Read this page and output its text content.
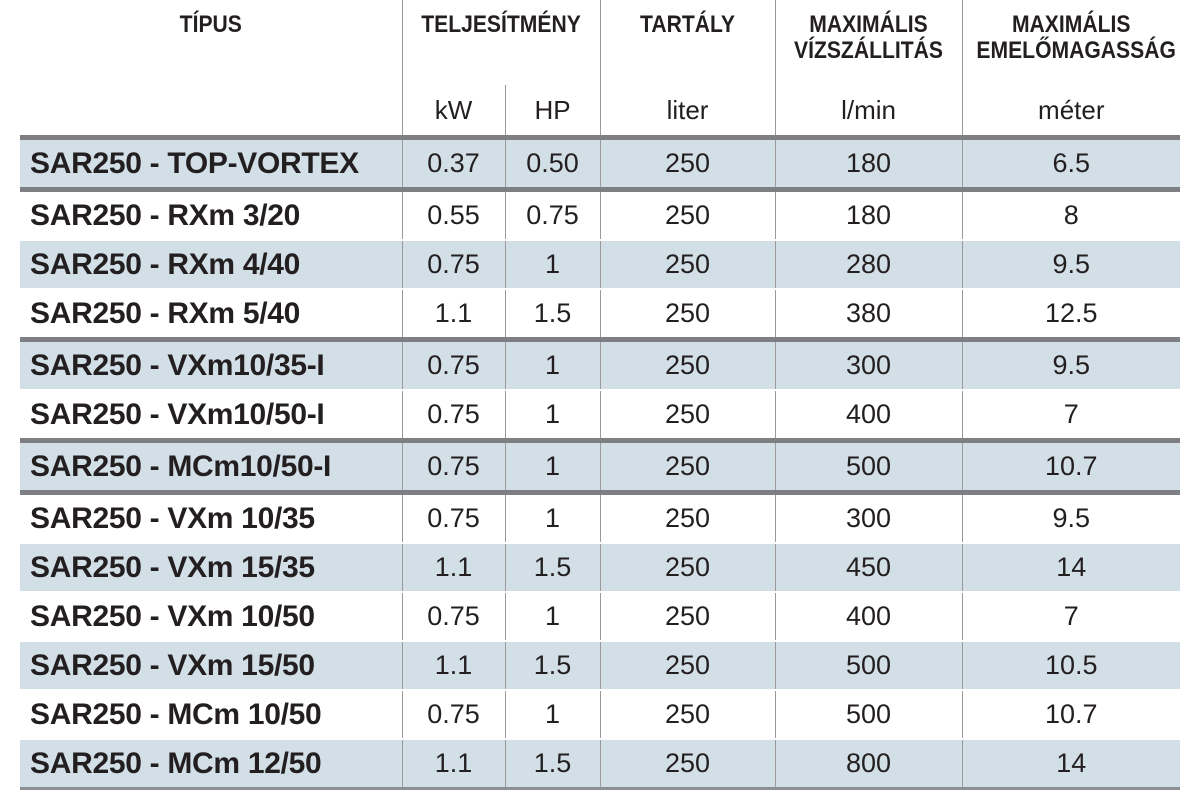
TÍPUS	TELJESÍTMÉNY		TARTÁLY	MAXIMÁLIS VÍZSZÁLLITÁS	MAXIMÁLIS EMELŐMAGASSÁG
	kW	HP	liter	l/min	méter
SAR250 - TOP-VORTEX	0.37	0.50	250	180	6.5
SAR250 - RXm 3/20	0.55	0.75	250	180	8
SAR250 - RXm 4/40	0.75	1	250	280	9.5
SAR250 - RXm 5/40	1.1	1.5	250	380	12.5
SAR250 - VXm10/35-I	0.75	1	250	300	9.5
SAR250 - VXm10/50-I	0.75	1	250	400	7
SAR250 - MCm10/50-I	0.75	1	250	500	10.7
SAR250 - VXm 10/35	0.75	1	250	300	9.5
SAR250 - VXm 15/35	1.1	1.5	250	450	14
SAR250 - VXm 10/50	0.75	1	250	400	7
SAR250 - VXm 15/50	1.1	1.5	250	500	10.5
SAR250 - MCm 10/50	0.75	1	250	500	10.7
SAR250 - MCm 12/50	1.1	1.5	250	800	14
